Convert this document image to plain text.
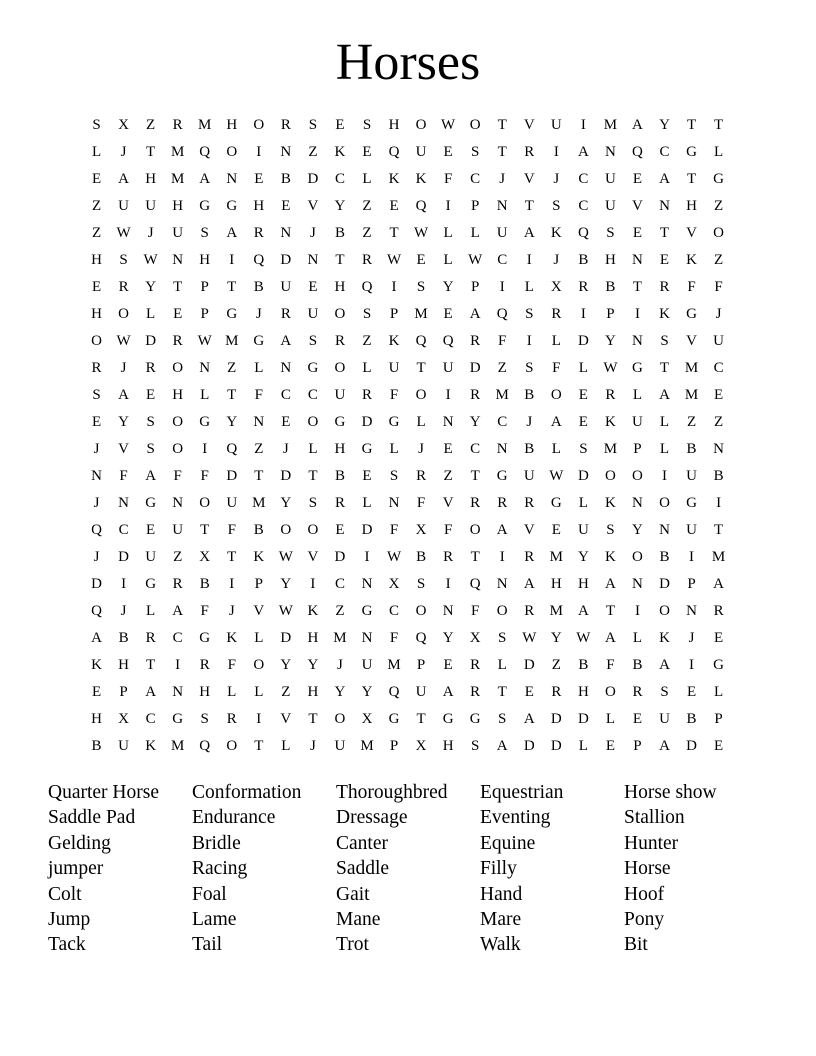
Horses
S	X	Z	R	M H	O	R	S	E	S	H	O W O	T	V	U	I	M A	Y	T	T
L	J	T	M Q	O	I	N	Z	K	E	Q	U	E	S	T	R	I	A	N	Q	C	G	L
E	A	H M A	N	E	B	D	C	L	K	K	F	C	J	V	J	C	U	E	A	T	G
Z	U	U	H	G	G	H	E	V	Y	Z	E	Q	I	P	N	T	S	C	U	V	N	H	Z
Z	W	J	U	S	A	R	N	J	B	Z	T	W	L	L	U	A	K	Q	S	E	T	V	O
H	S	W N	H	I	Q	D	N	T	R W	E	L	W C	I	J	B	H	N	E	K	Z
E	R	Y	T	P	T	B	U	E	H	Q	I	S	Y	P	I	L	X	R	B	T	R	F	F
H	O	L	E	P	G	J	R	U	O	S	P	M	E	A	Q	S	R	I	P	I	K	G	J
O W D	R W M G	A	S	R	Z	K	Q	Q	R	F	I	L	D	Y	N	S	V	U
R	J	R	O	N	Z	L	N	G	O	L	U	T	U	D	Z	S	F	L	W G	T	M	C
S	A	E	H	L	T	F	C	C	U	R	F	O	I	R	M	B	O	E	R	L	A M	E
E	Y	S	O	G	Y	N	E	O	G	D	G	L	N	Y	C	J	A	E	K	U	L	Z	Z
J	V	S	O	I	Q	Z	J	L	H	G	L	J	E	C	N	B	L	S	M	P	L	B	N
N	F	A	F	F	D	T	D	T	B	E	S	R	Z	T	G	U W D	O	O	I	U	B
J	N	G	N	O	U M Y	S	R	L	N	F	V	R	R	R	G	L	K	N	O	G	I
Q	C	E	U	T	F	B	O	O	E	D	F	X	F	O	A	V	E	U	S	Y	N	U	T
J	D	U	Z	X	T	K W V	D	I	W B	R	T	I	R	M Y	K	O	B	I	M
D	I	G	R	B	I	P	Y	I	C	N	X	S	I	Q	N	A	H	H	A	N	D	P	A
Q	J	L	A	F	J	V W K	Z	G	C	O	N	F	O	R	M A	T	I	O	N	R
A	B	R	C	G	K	L	D	H M N	F	Q	Y	X	S	W Y W A	L	K	J	E
K	H	T	I	R	F	O	Y	Y	J	U M	P	E	R	L	D	Z	B	F	B	A	I	G
E	P	A	N	H	L	L	Z	H	Y	Y	Q	U	A	R	T	E	R	H	O	R	S	E	L
H	X	C	G	S	R	I	V	T	O	X	G	T	G	G	S	A	D	D	L	E	U	B	P
B	U	K M Q	O	T	L	J	U M	P	X	H	S	A	D	D	L	E	P	A	D	E
Quarter Horse	Conformation	Thoroughbred	Equestrian	Horse show
Saddle Pad	Endurance	Dressage	Eventing	Stallion
Gelding	Bridle	Canter	Equine	Hunter
jumper	Racing	Saddle	Filly	Horse
Colt	Foal	Gait	Hand	Hoof
Jump	Lame	Mane	Mare	Pony
Tack	Tail	Trot	Walk	Bit
